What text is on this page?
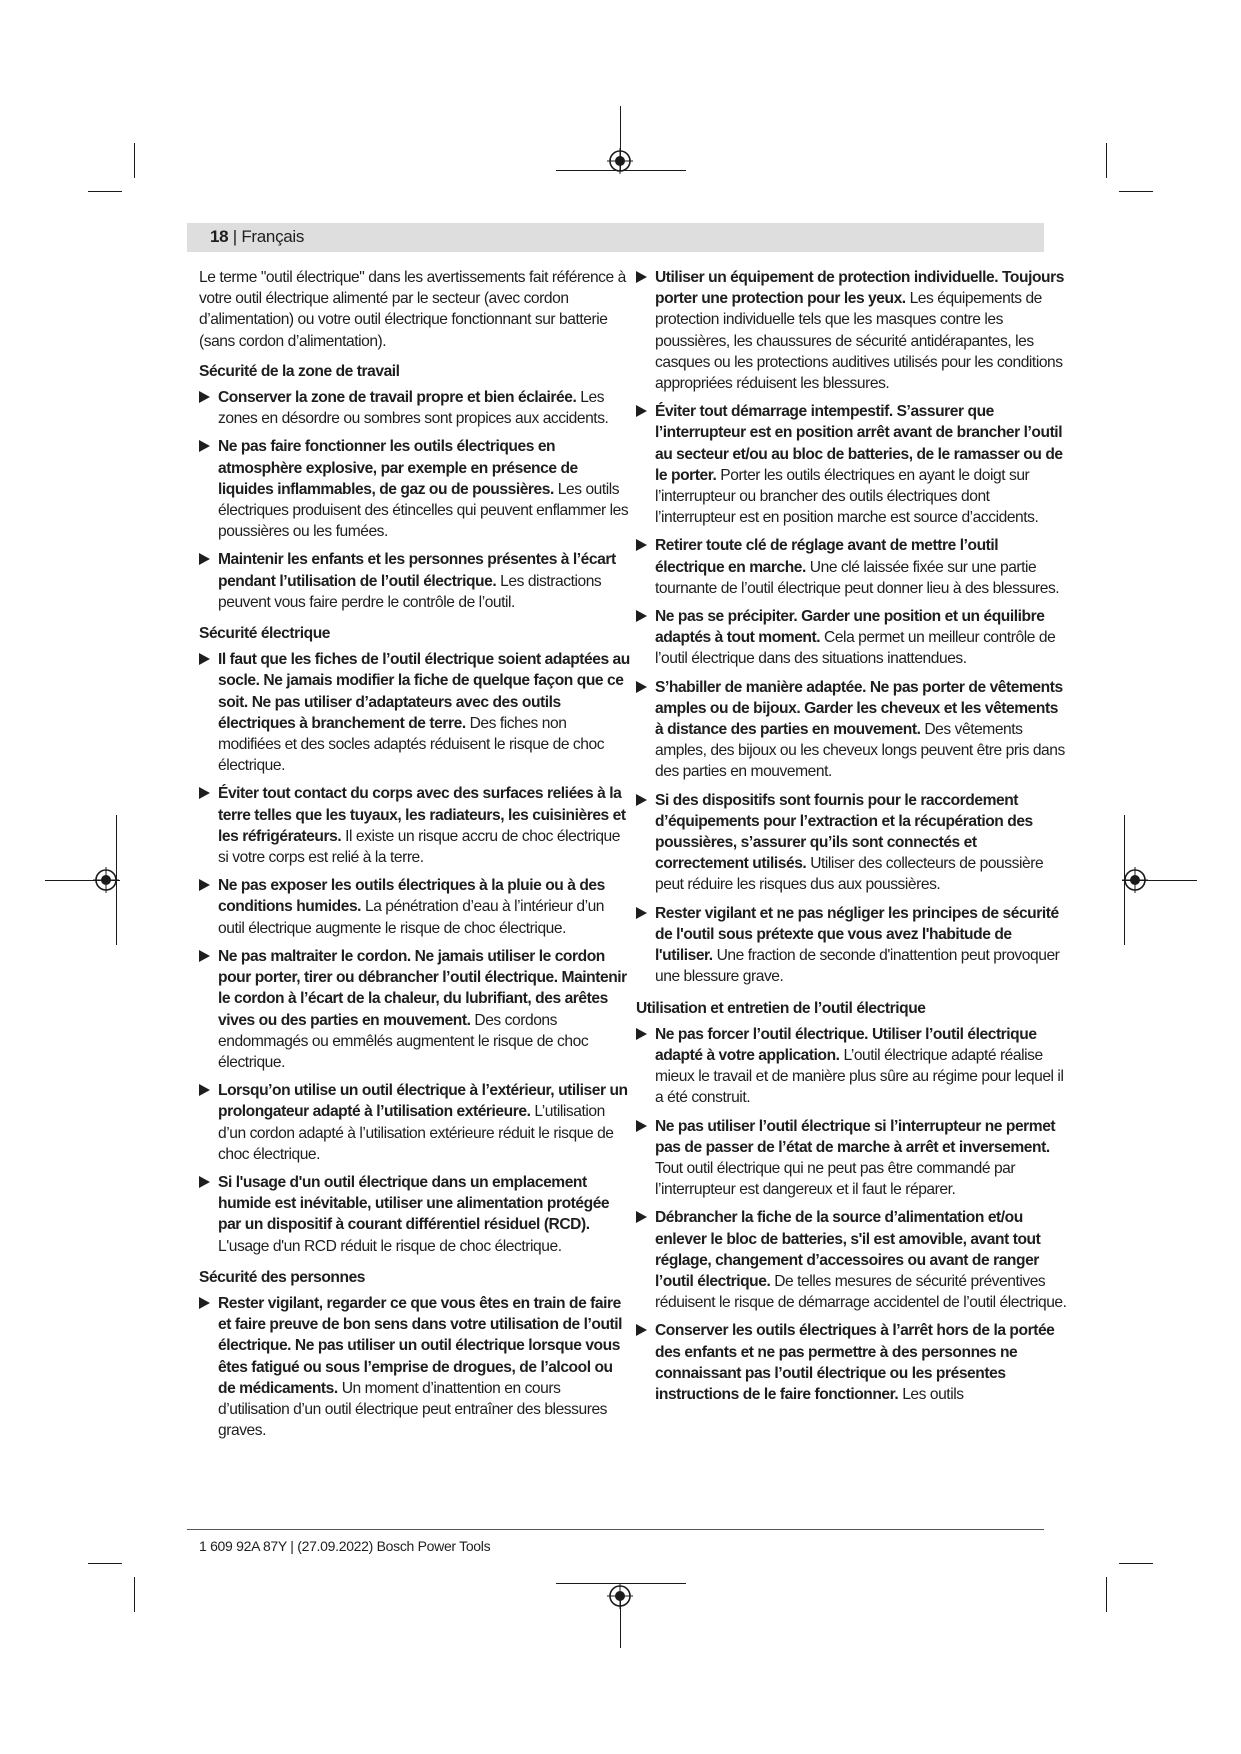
18 | Français

Le terme "outil électrique" dans les avertissements fait référence à votre outil électrique alimenté par le secteur (avec cordon d’alimentation) ou votre outil électrique fonctionnant sur batterie (sans cordon d’alimentation).

Sécurité de la zone de travail
Conserver la zone de travail propre et bien éclairée. Les zones en désordre ou sombres sont propices aux accidents.
Ne pas faire fonctionner les outils électriques en atmosphère explosive, par exemple en présence de liquides inflammables, de gaz ou de poussières. Les outils électriques produisent des étincelles qui peuvent enflammer les poussières ou les fumées.
Maintenir les enfants et les personnes présentes à l’écart pendant l’utilisation de l’outil électrique. Les distractions peuvent vous faire perdre le contrôle de l’outil.
Sécurité électrique
Il faut que les fiches de l’outil électrique soient adaptées au socle. Ne jamais modifier la fiche de quelque façon que ce soit. Ne pas utiliser d’adaptateurs avec des outils électriques à branchement de terre. Des fiches non modifiées et des socles adaptés réduisent le risque de choc électrique.
Éviter tout contact du corps avec des surfaces reliées à la terre telles que les tuyaux, les radiateurs, les cuisinières et les réfrigérateurs. Il existe un risque accru de choc électrique si votre corps est relié à la terre.
Ne pas exposer les outils électriques à la pluie ou à des conditions humides. La pénétration d’eau à l’intérieur d’un outil électrique augmente le risque de choc électrique.
Ne pas maltraiter le cordon. Ne jamais utiliser le cordon pour porter, tirer ou débrancher l’outil électrique. Maintenir le cordon à l’écart de la chaleur, du lubrifiant, des arêtes vives ou des parties en mouvement. Des cordons endommagés ou emmêlés augmentent le risque de choc électrique.
Lorsqu’on utilise un outil électrique à l’extérieur, utiliser un prolongateur adapté à l’utilisation extérieure. L’utilisation d’un cordon adapté à l’utilisation extérieure réduit le risque de choc électrique.
Si l'usage d'un outil électrique dans un emplacement humide est inévitable, utiliser une alimentation protégée par un dispositif à courant différentiel résiduel (RCD). L'usage d'un RCD réduit le risque de choc électrique.
Sécurité des personnes
Rester vigilant, regarder ce que vous êtes en train de faire et faire preuve de bon sens dans votre utilisation de l’outil électrique. Ne pas utiliser un outil électrique lorsque vous êtes fatigué ou sous l’emprise de drogues, de l’alcool ou de médicaments. Un moment d’inattention en cours d’utilisation d’un outil électrique peut entraîner des blessures graves.
Utiliser un équipement de protection individuelle. Toujours porter une protection pour les yeux. Les équipements de protection individuelle tels que les masques contre les poussières, les chaussures de sécurité antidérapantes, les casques ou les protections auditives utilisés pour les conditions appropriées réduisent les blessures.
Éviter tout démarrage intempestif. S’assurer que l’interrupteur est en position arrêt avant de brancher l’outil au secteur et/ou au bloc de batteries, de le ramasser ou de le porter. Porter les outils électriques en ayant le doigt sur l’interrupteur ou brancher des outils électriques dont l’interrupteur est en position marche est source d’accidents.
Retirer toute clé de réglage avant de mettre l’outil électrique en marche. Une clé laissée fixée sur une partie tournante de l’outil électrique peut donner lieu à des blessures.
Ne pas se précipiter. Garder une position et un équilibre adaptés à tout moment. Cela permet un meilleur contrôle de l’outil électrique dans des situations inattendues.
S’habiller de manière adaptée. Ne pas porter de vêtements amples ou de bijoux. Garder les cheveux et les vêtements à distance des parties en mouvement. Des vêtements amples, des bijoux ou les cheveux longs peuvent être pris dans des parties en mouvement.
Si des dispositifs sont fournis pour le raccordement d’équipements pour l’extraction et la récupération des poussières, s’assurer qu’ils sont connectés et correctement utilisés. Utiliser des collecteurs de poussière peut réduire les risques dus aux poussières.
Rester vigilant et ne pas négliger les principes de sécurité de l'outil sous prétexte que vous avez l'habitude de l'utiliser. Une fraction de seconde d'inattention peut provoquer une blessure grave.
Utilisation et entretien de l’outil électrique
Ne pas forcer l’outil électrique. Utiliser l’outil électrique adapté à votre application. L’outil électrique adapté réalise mieux le travail et de manière plus sûre au régime pour lequel il a été construit.
Ne pas utiliser l’outil électrique si l’interrupteur ne permet pas de passer de l’état de marche à arrêt et inversement. Tout outil électrique qui ne peut pas être commandé par l’interrupteur est dangereux et il faut le réparer.
Débrancher la fiche de la source d’alimentation et/ou enlever le bloc de batteries, s'il est amovible, avant tout réglage, changement d’accessoires ou avant de ranger l’outil électrique. De telles mesures de sécurité préventives réduisent le risque de démarrage accidentel de l’outil électrique.
Conserver les outils électriques à l’arrêt hors de la portée des enfants et ne pas permettre à des personnes ne connaissant pas l’outil électrique ou les présentes instructions de le faire fonctionner. Les outils
1 609 92A 87Y | (27.09.2022) Bosch Power Tools
